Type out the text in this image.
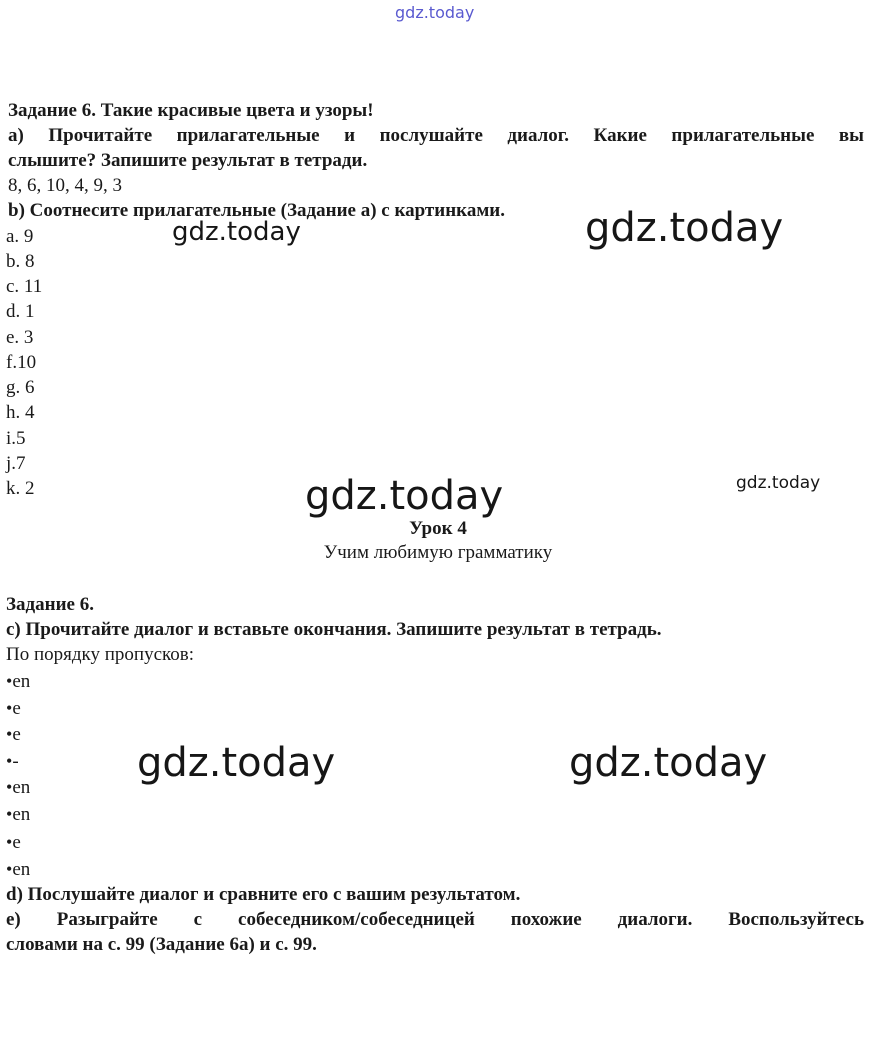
gdz.today
gdz.today	gdz.today
gdz.today	gdz.today
gdz.today	gdz.today
Задание 6. Такие красивые цвета и узоры!
a) Прочитайте прилагательные и послушайте диалог. Какие прилагательные вы
слышите? Запишите результат в тетради.
8, 6, 10, 4, 9, 3
b) Соотнесите прилагательные (Задание а) с картинками.
a. 9
b. 8
c. 11
d. 1
e. 3
f.10
g. 6
h. 4
i.5
j.7
k. 2
Урок 4
Учим любимую грамматику
Задание 6.
c) Прочитайте диалог и вставьте окончания. Запишите результат в тетрадь.
По порядку пропусков:
•en
•e
•e
•-
•en
•en
•e
•en
d) Послушайте диалог и сравните его с вашим результатом.
e) Разыграйте с собеседником/собеседницей похожие диалоги. Воспользуйтесь
словами на с. 99 (Задание 6a) и с. 99.
